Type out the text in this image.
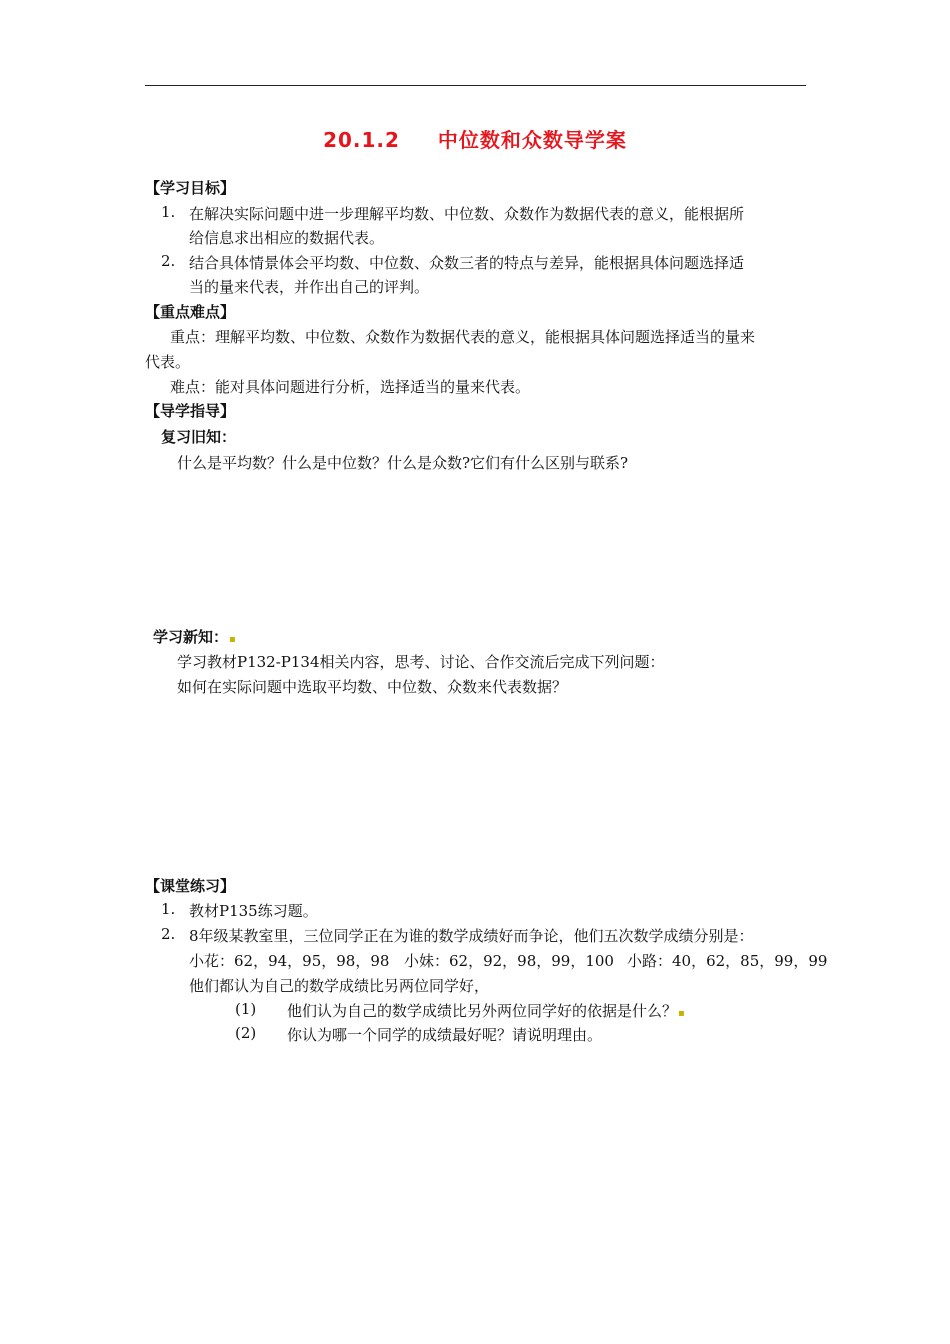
20.1.2 中位数和众数导学案
【学习目标】
1. 在解决实际问题中进一步理解平均数、中位数、众数作为数据代表的意义，能根据所
给信息求出相应的数据代表。
2. 结合具体情景体会平均数、中位数、众数三者的特点与差异，能根据具体问题选择适
当的量来代表，并作出自己的评判。
【重点难点】
重点：理解平均数、中位数、众数作为数据代表的意义，能根据具体问题选择适当的量来
代表。
难点：能对具体问题进行分析，选择适当的量来代表。
【导学指导】
复习旧知：
什么是平均数？什么是中位数？什么是众数?它们有什么区别与联系?
学习新知：▪
学习教材P132-P134相关内容，思考、讨论、合作交流后完成下列问题：
如何在实际问题中选取平均数、中位数、众数来代表数据？
【课堂练习】
1. 教材P135练习题。
2. 8年级某教室里，三位同学正在为谁的数学成绩好而争论，他们五次数学成绩分别是：
小花：62，94，95，98，98 小妹：62，92，98，99，100 小路：40，62，85，99，99
他们都认为自己的数学成绩比另两位同学好，
(1) 他们认为自己的数学成绩比另外两位同学好的依据是什么？▪
(2) 你认为哪一个同学的成绩最好呢？请说明理由。
